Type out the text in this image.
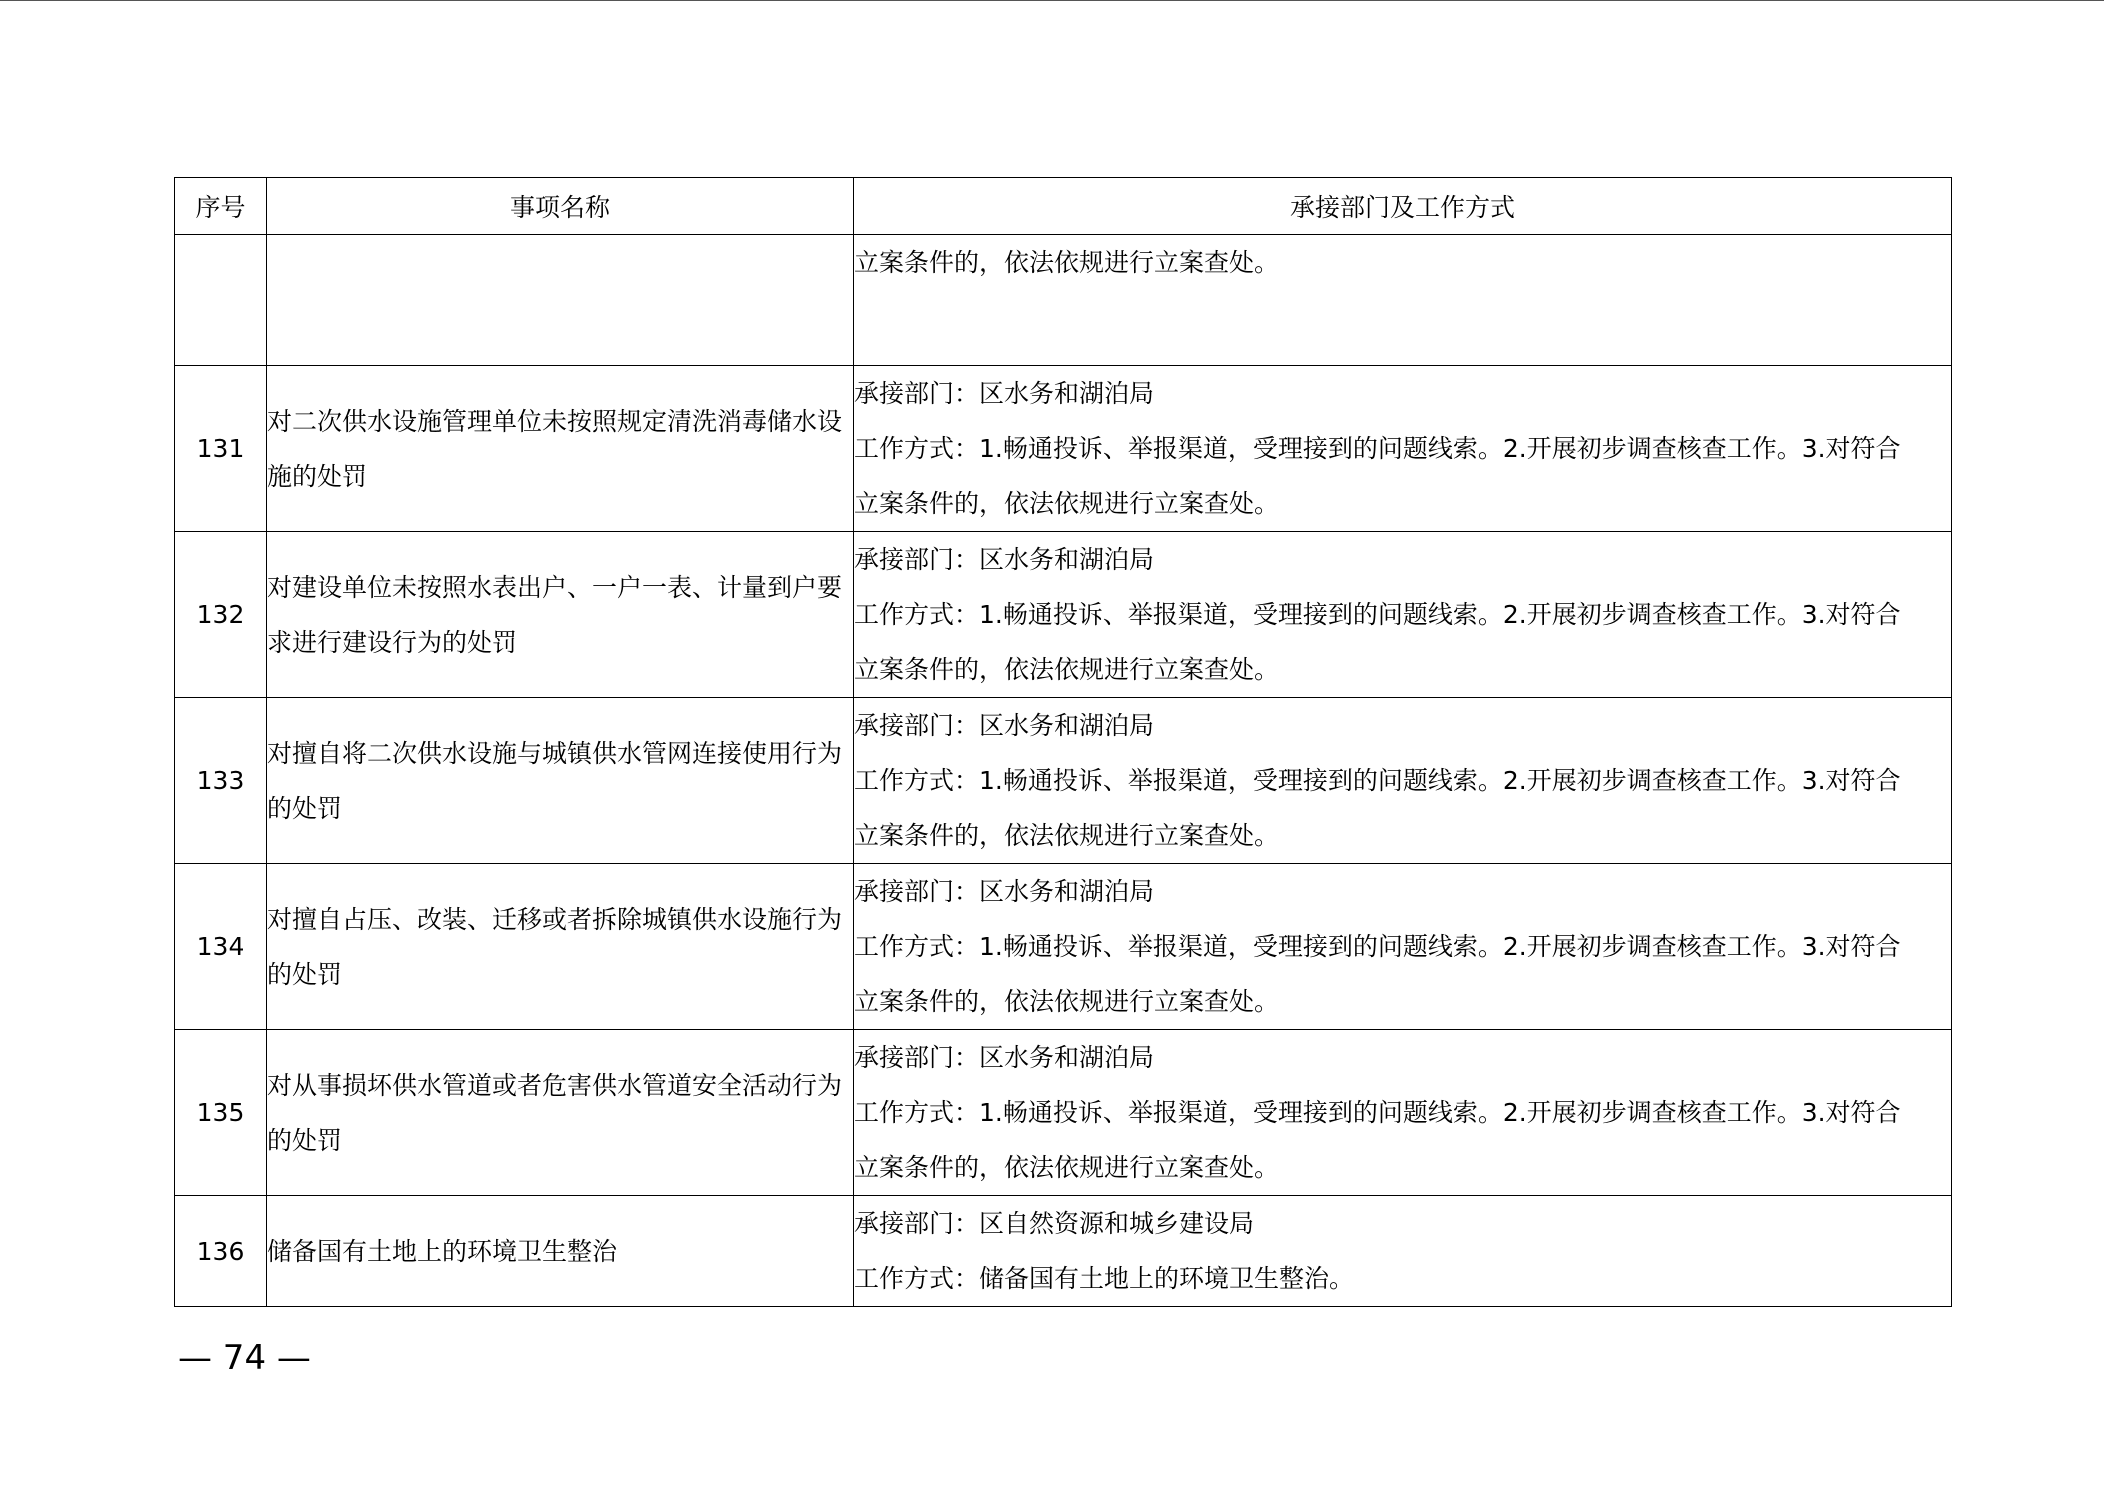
序号	事项名称	承接部门及工作方式

		立案条件的，依法依规进行立案查处。

131	对二次供水设施管理单位未按照规定清洗消毒储水设施的处罚	承接部门：区水务和湖泊局
工作方式：1.畅通投诉、举报渠道，受理接到的问题线索。2.开展初步调查核查工作。3.对符合
立案条件的，依法依规进行立案查处。

132	对建设单位未按照水表出户、一户一表、计量到户要求进行建设行为的处罚	承接部门：区水务和湖泊局
工作方式：1.畅通投诉、举报渠道，受理接到的问题线索。2.开展初步调查核查工作。3.对符合
立案条件的，依法依规进行立案查处。

133	对擅自将二次供水设施与城镇供水管网连接使用行为的处罚	承接部门：区水务和湖泊局
工作方式：1.畅通投诉、举报渠道，受理接到的问题线索。2.开展初步调查核查工作。3.对符合
立案条件的，依法依规进行立案查处。

134	对擅自占压、改装、迁移或者拆除城镇供水设施行为的处罚	承接部门：区水务和湖泊局
工作方式：1.畅通投诉、举报渠道，受理接到的问题线索。2.开展初步调查核查工作。3.对符合
立案条件的，依法依规进行立案查处。

135	对从事损坏供水管道或者危害供水管道安全活动行为的处罚	承接部门：区水务和湖泊局
工作方式：1.畅通投诉、举报渠道，受理接到的问题线索。2.开展初步调查核查工作。3.对符合
立案条件的，依法依规进行立案查处。

136	储备国有土地上的环境卫生整治	承接部门：区自然资源和城乡建设局
工作方式：储备国有土地上的环境卫生整治。
— 74 —
